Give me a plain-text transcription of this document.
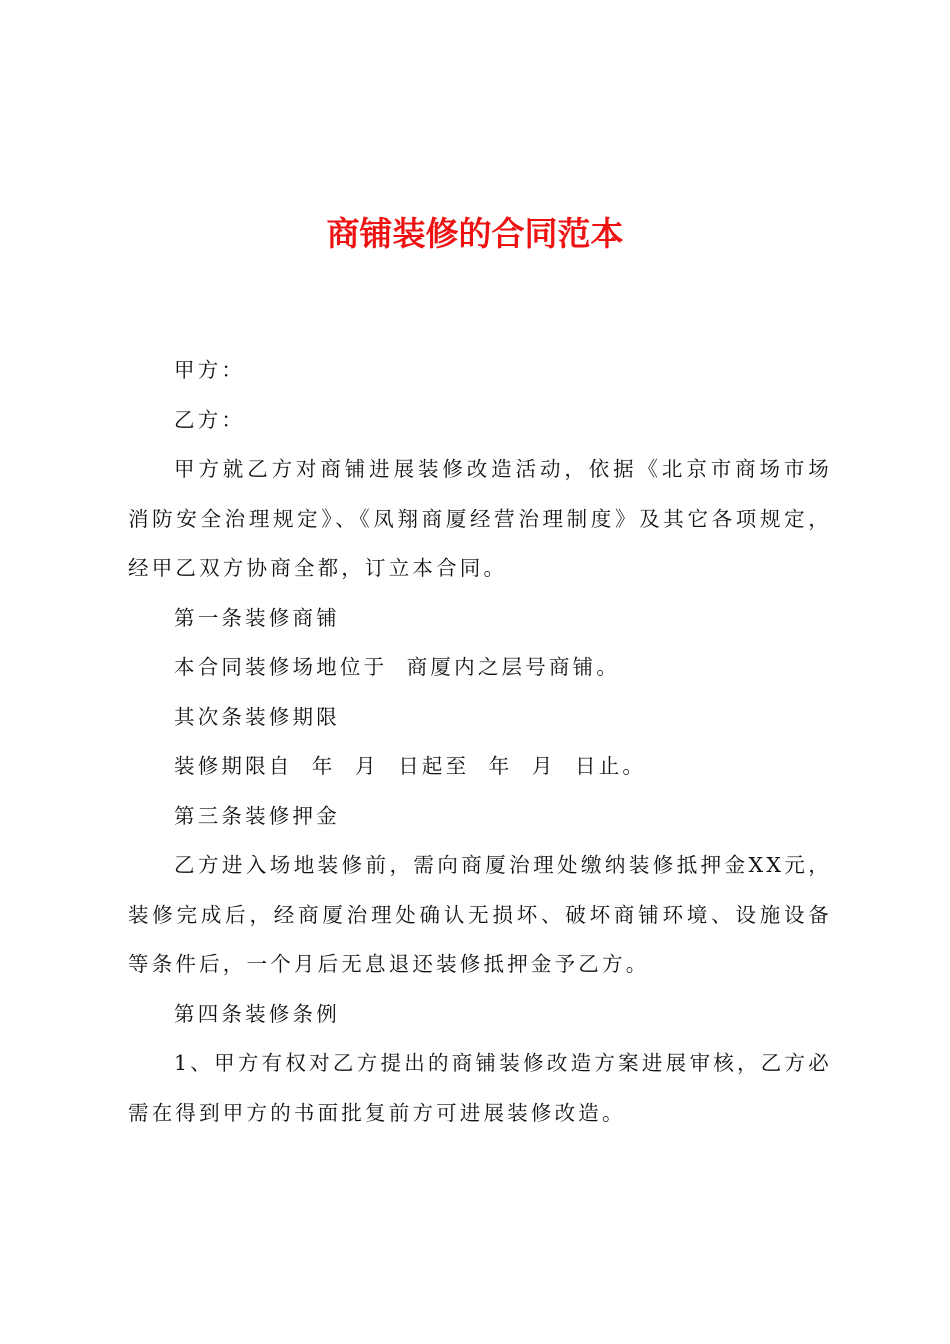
商铺装修的合同范本

甲方：

乙方：

甲方就乙方对商铺进展装修改造活动，依据《北京市商场市场消防安全治理规定》、《凤翔商厦经营治理制度》及其它各项规定，经甲乙双方协商全都，订立本合同。

第一条装修商铺

本合同装修场地位于  商厦内之层号商铺。

其次条装修期限

装修期限自  年  月  日起至  年  月  日止。

第三条装修押金

乙方进入场地装修前，需向商厦治理处缴纳装修抵押金XX元，装修完成后，经商厦治理处确认无损坏、破坏商铺环境、设施设备等条件后，一个月后无息退还装修抵押金予乙方。

第四条装修条例

1、甲方有权对乙方提出的商铺装修改造方案进展审核，乙方必需在得到甲方的书面批复前方可进展装修改造。
